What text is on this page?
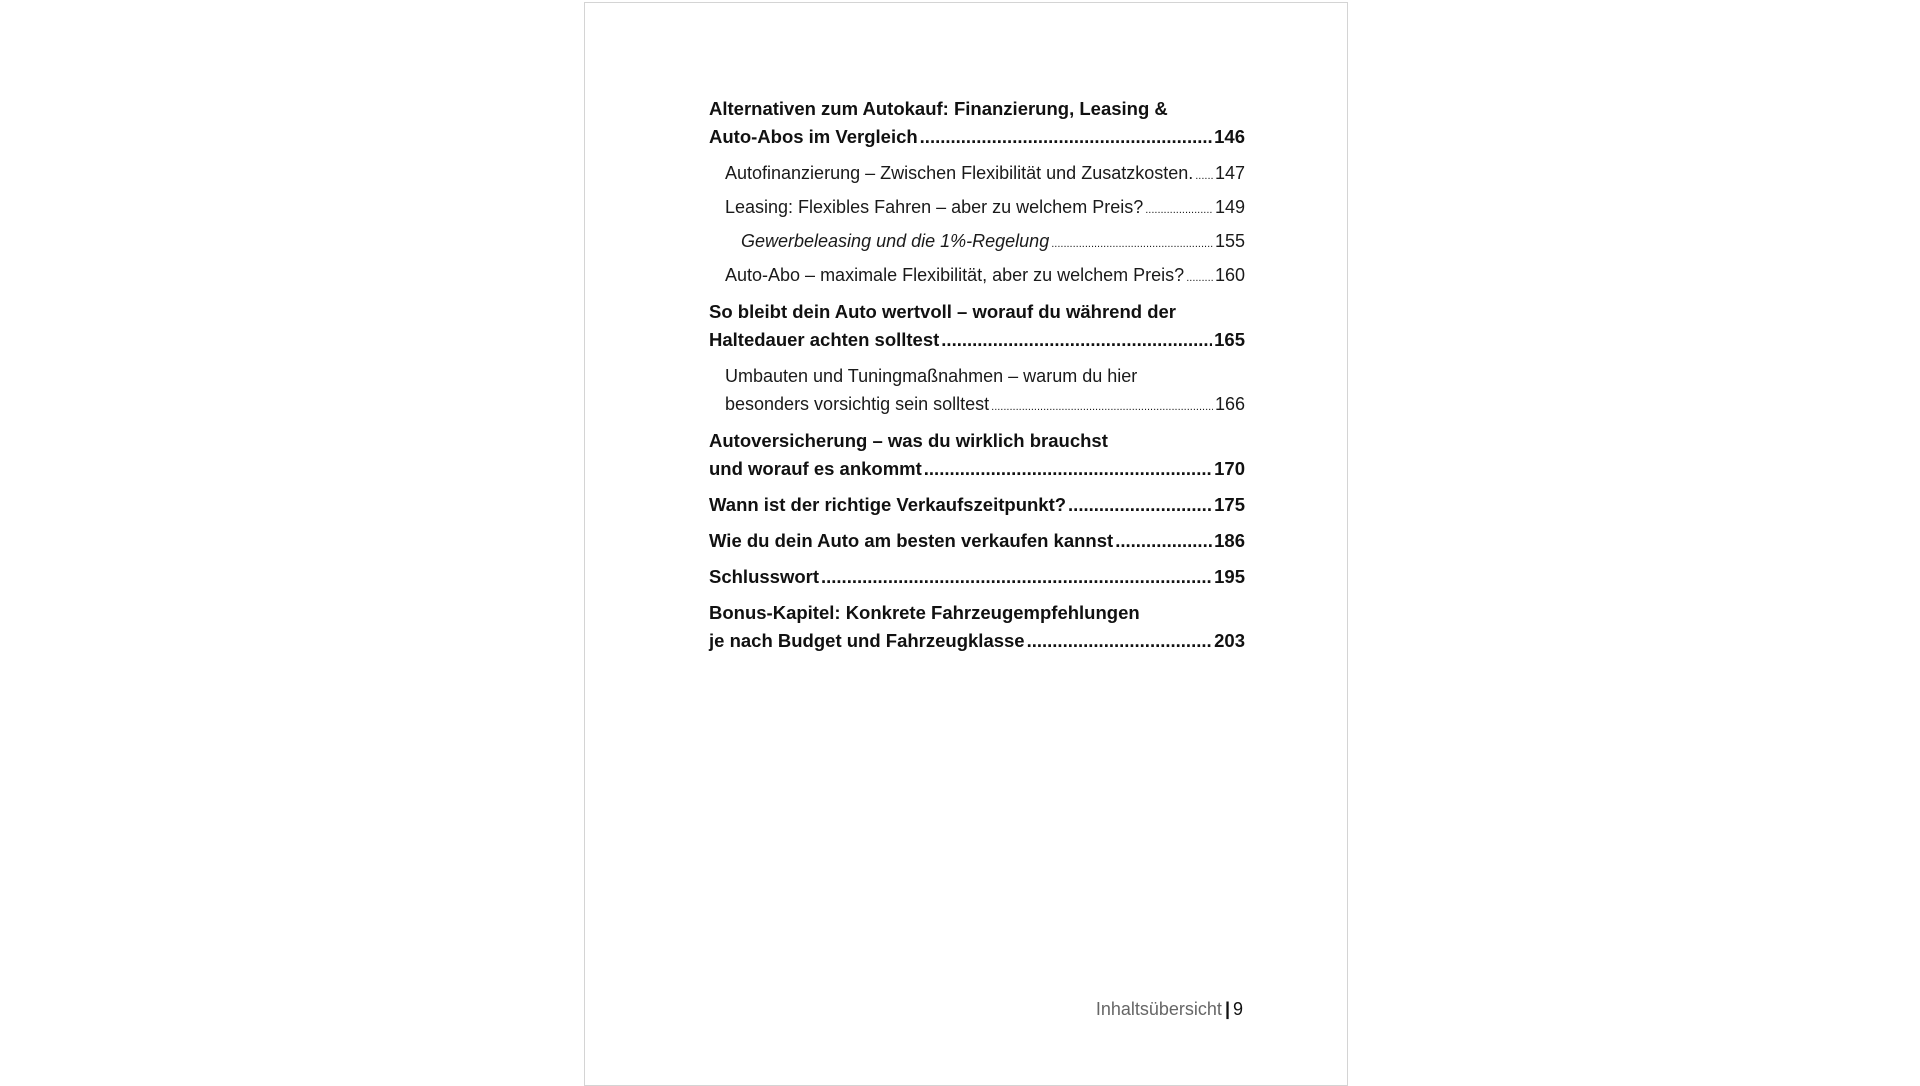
Alternativen zum Autokauf: Finanzierung, Leasing &
Auto-Abos im Vergleich .....	146
Autofinanzierung – Zwischen Flexibilität und Zusatzkosten. ..... 147
Leasing: Flexibles Fahren – aber zu welchem Preis? .....	149
Gewerbeleasing und die 1%-Regelung .....	155
Auto-Abo – maximale Flexibilität, aber zu welchem Preis? ..... 160
So bleibt dein Auto wertvoll – worauf du während der
Haltedauer achten solltest .....	165
Umbauten und Tuningmaßnahmen – warum du hier
besonders vorsichtig sein solltest .....	166
Autoversicherung – was du wirklich brauchst
und worauf es ankommt .....	170
Wann ist der richtige Verkaufszeitpunkt? .....	175
Wie du dein Auto am besten verkaufen kannst .....	186
Schlusswort .....	195
Bonus-Kapitel: Konkrete Fahrzeugempfehlungen
je nach Budget und Fahrzeugklasse .....	203
Inhaltsübersicht | 9
